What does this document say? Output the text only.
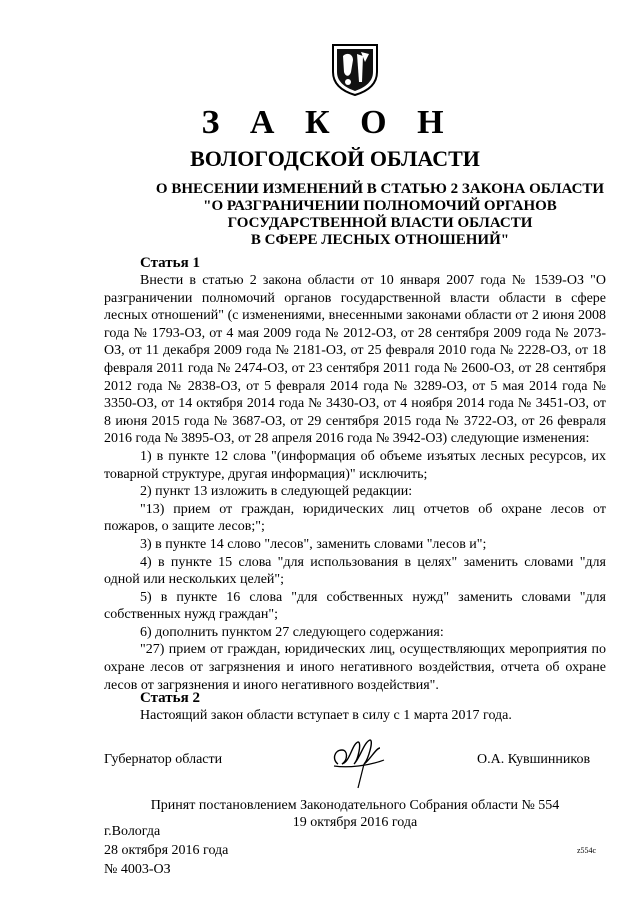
З А К О Н
ВОЛОГОДСКОЙ ОБЛАСТИ
О ВНЕСЕНИИ ИЗМЕНЕНИЙ В СТАТЬЮ 2 ЗАКОНА ОБЛАСТИ
"О РАЗГРАНИЧЕНИИ ПОЛНОМОЧИЙ ОРГАНОВ
ГОСУДАРСТВЕННОЙ ВЛАСТИ ОБЛАСТИ
В СФЕРЕ ЛЕСНЫХ ОТНОШЕНИЙ"
Статья 1

Внести в статью 2 закона области от 10 января 2007 года № 1539-ОЗ "О разграничении полномочий органов государственной власти области в сфере лесных отношений" (с изменениями, внесенными законами области от 2 июня 2008 года № 1793-ОЗ, от 4 мая 2009 года № 2012-ОЗ, от 28 сентября 2009 года № 2073-ОЗ, от 11 декабря 2009 года № 2181-ОЗ, от 25 февраля 2010 года № 2228-ОЗ, от 18 февраля 2011 года № 2474-ОЗ, от 23 сентября 2011 года № 2600-ОЗ, от 28 сентября 2012 года № 2838-ОЗ, от 5 февраля 2014 года № 3289-ОЗ, от 5 мая 2014 года № 3350-ОЗ, от 14 октября 2014 года № 3430-ОЗ, от 4 ноября 2014 года № 3451-ОЗ, от 8 июня 2015 года № 3687-ОЗ, от 29 сентября 2015 года № 3722-ОЗ, от 26 февраля 2016 года № 3895-ОЗ, от 28 апреля 2016 года № 3942-ОЗ) следующие изменения:

1) в пункте 12 слова "(информация об объеме изъятых лесных ресурсов, их товарной структуре, другая информация)" исключить;

2) пункт 13 изложить в следующей редакции:

"13) прием от граждан, юридических лиц отчетов об охране лесов от пожаров, о защите лесов;";

3) в пункте 14 слово "лесов", заменить словами "лесов и";

4) в пункте 15 слова "для использования в целях" заменить словами "для одной или нескольких целей";

5) в пункте 16 слова "для собственных нужд" заменить словами "для собственных нужд граждан";

6) дополнить пунктом 27 следующего содержания:

"27) прием от граждан, юридических лиц, осуществляющих мероприятия по охране лесов от загрязнения и иного негативного воздействия, отчета об охране лесов от загрязнения и иного негативного воздействия".

Статья 2

Настоящий закон области вступает в силу с 1 марта 2017 года.

Губернатор области	О.А. Кувшинников
Принят постановлением Законодательного Собрания области № 554
19 октября 2016 года
г.Вологда
28 октября 2016 года
№ 4003-ОЗ
z554c
